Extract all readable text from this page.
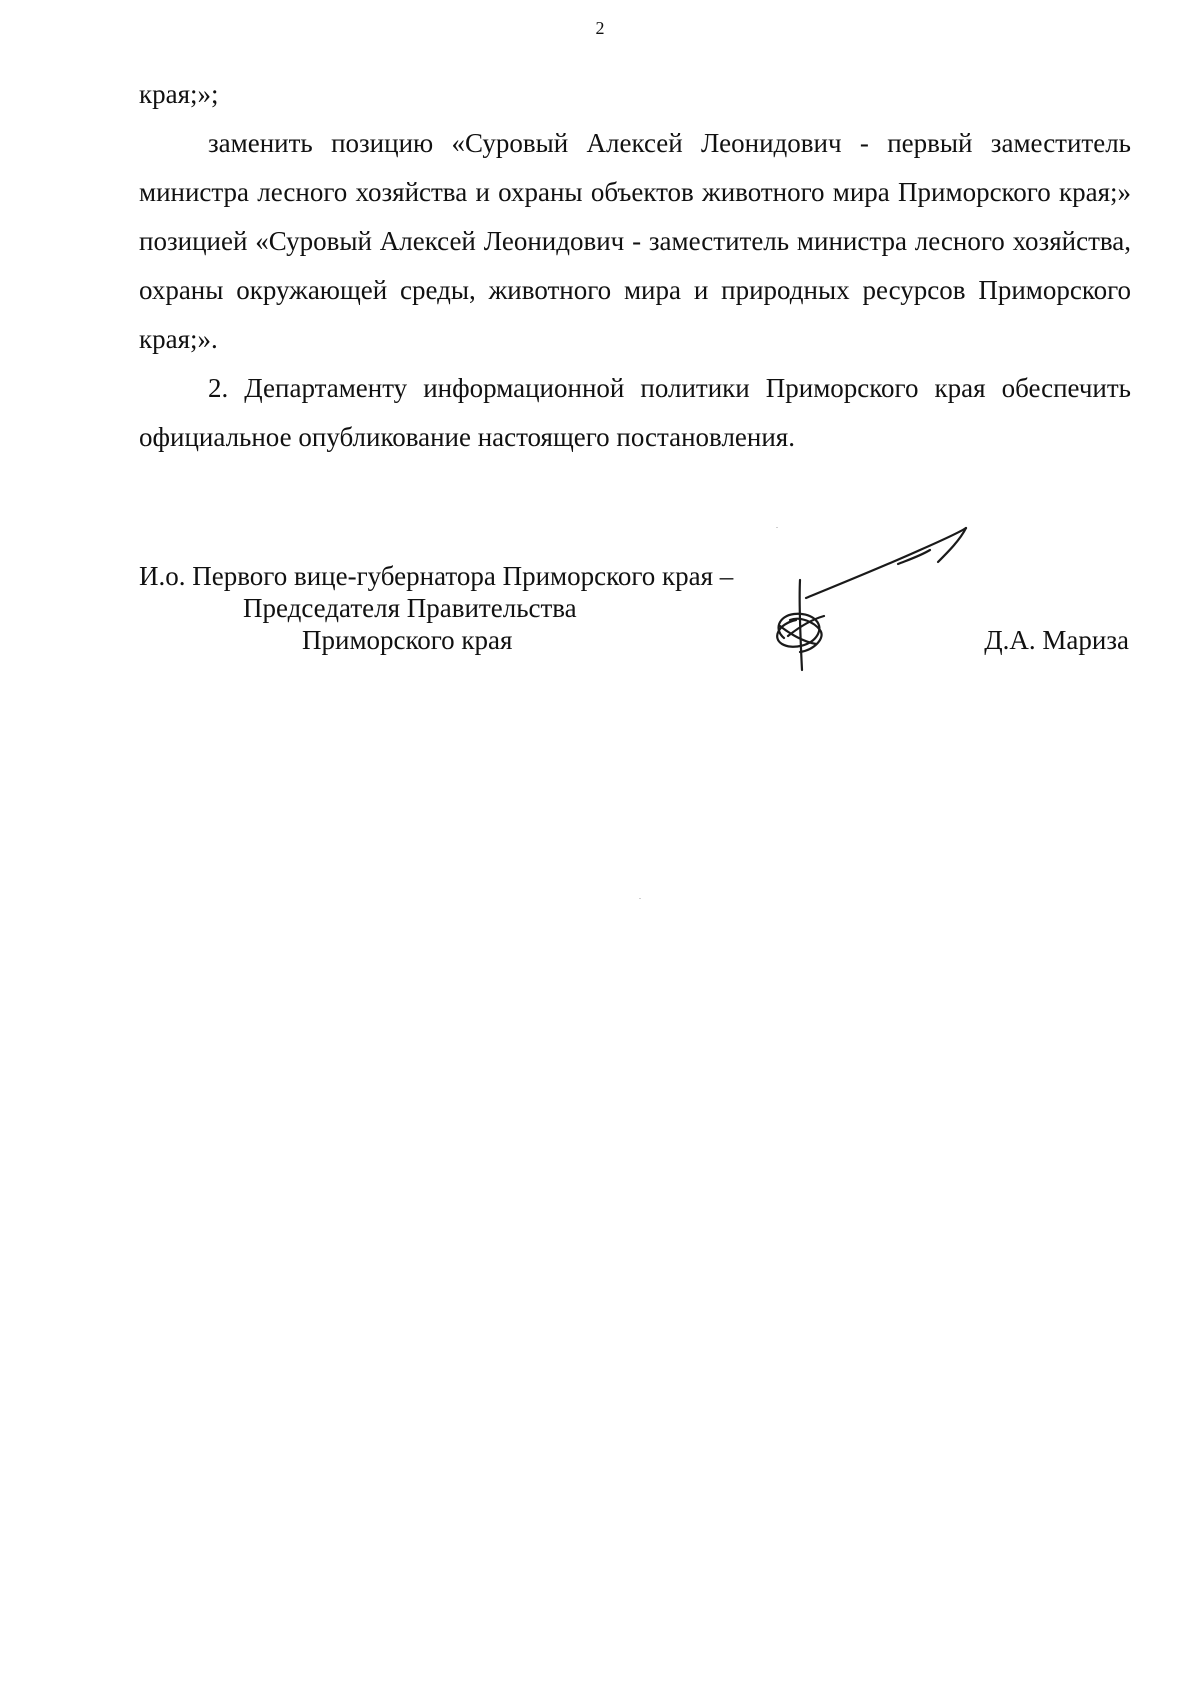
2

края;»;

заменить позицию «Суровый Алексей Леонидович - первый заместитель министра лесного хозяйства и охраны объектов животного мира Приморского края;» позицией «Суровый Алексей Леонидович - заместитель министра лесного хозяйства, охраны окружающей среды, животного мира и природных ресурсов Приморского края;».

2. Департаменту информационной политики Приморского края обеспечить официальное опубликование настоящего постановления.

И.о. Первого вице-губернатора Приморского края –
Председателя Правительства
Приморского края	Д.А. Мариза
